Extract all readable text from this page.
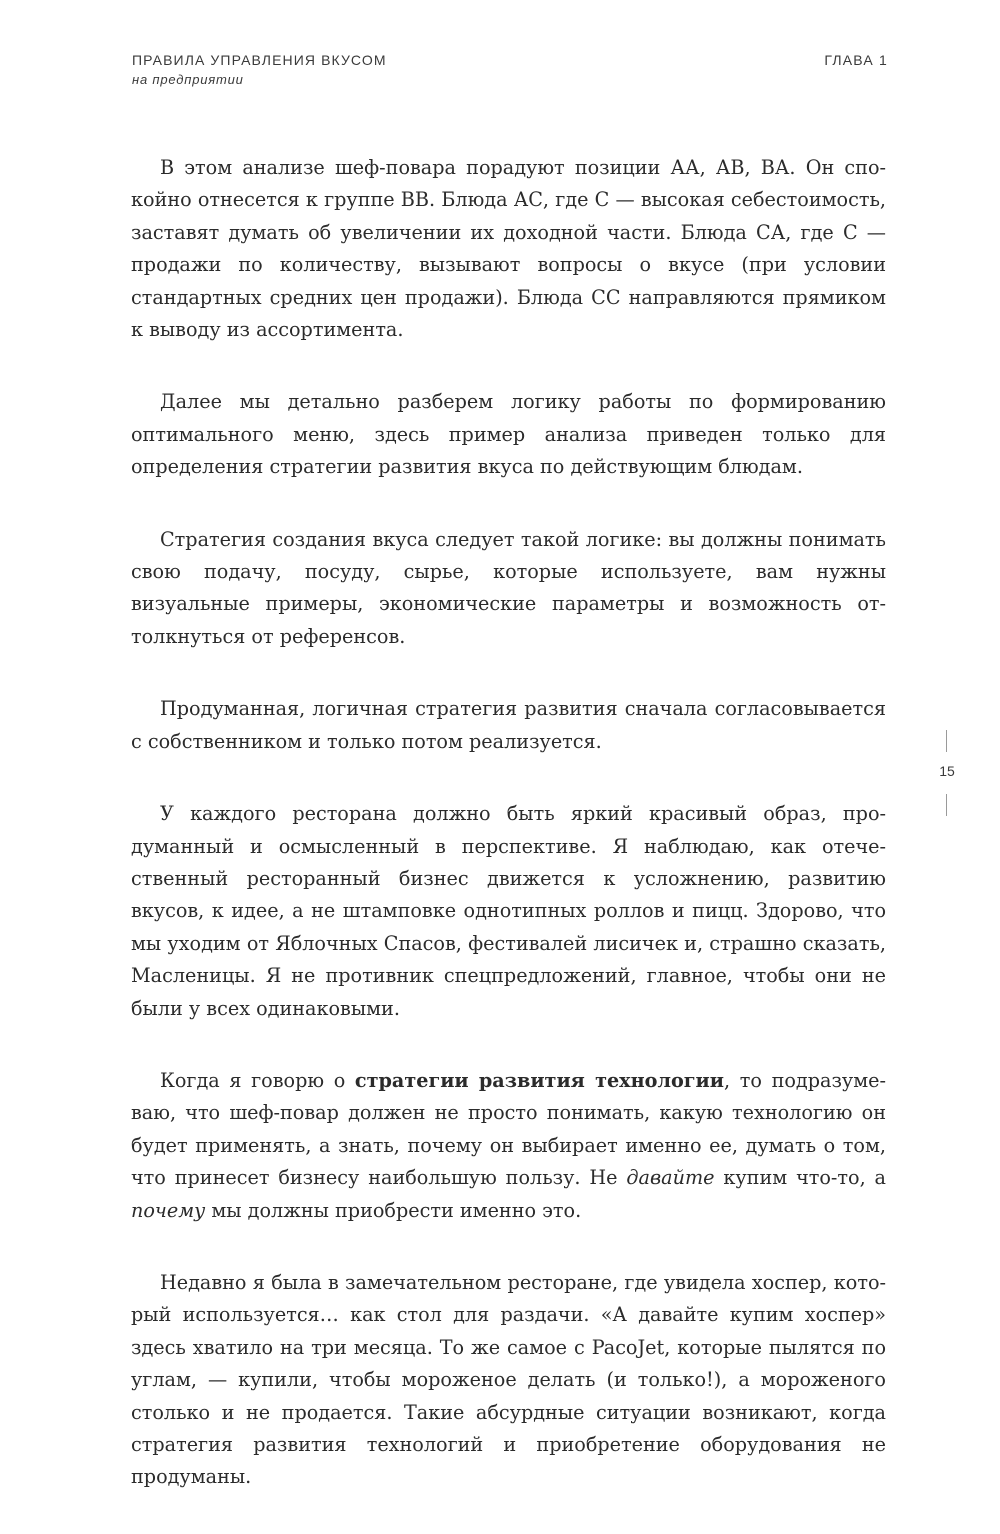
ПРАВИЛА УПРАВЛЕНИЯ ВКУСОМ
на предприятии
ГЛАВА 1

В этом анализе шеф-повара порадуют позиции АА, АВ, ВА. Он спокойно отнесется к группе ВВ. Блюда АС, где С — высокая себестоимость, заставят думать об увеличении их доходной части. Блюда СА, где С — продажи по количеству, вызывают вопросы о вкусе (при условии стандартных средних цен продажи). Блюда СС направляются прямиком к выводу из ассортимента.

Далее мы детально разберем логику работы по формированию оптимального меню, здесь пример анализа приведен только для определения стратегии развития вкуса по действующим блюдам.

Стратегия создания вкуса следует такой логике: вы должны понимать свою подачу, посуду, сырье, которые используете, вам нужны визуальные примеры, экономические параметры и возможность оттолкнуться от референсов.

Продуманная, логичная стратегия развития сначала согласовывается с собственником и только потом реализуется.

У каждого ресторана должно быть яркий красивый образ, продуманный и осмысленный в перспективе. Я наблюдаю, как отечественный ресторанный бизнес движется к усложнению, развитию вкусов, к идее, а не штамповке однотипных роллов и пицц. Здорово, что мы уходим от Яблочных Спасов, фестивалей лисичек и, страшно сказать, Масленицы. Я не противник спецпредложений, главное, чтобы они не были у всех одинаковыми.

Когда я говорю о стратегии развития технологии, то подразумеваю, что шеф-повар должен не просто понимать, какую технологию он будет применять, а знать, почему он выбирает именно ее, думать о том, что принесет бизнесу наибольшую пользу. Не давайте купим что-то, а почему мы должны приобрести именно это.

Недавно я была в замечательном ресторане, где увидела хоспер, который используется… как стол для раздачи. «А давайте купим хоспер» здесь хватило на три месяца. То же самое с PacoJet, которые пылятся по углам, — купили, чтобы мороженое делать (и только!), а мороженого столько и не продается. Такие абсурдные ситуации возникают, когда стратегия развития технологий и приобретение оборудования не продуманы.

15
